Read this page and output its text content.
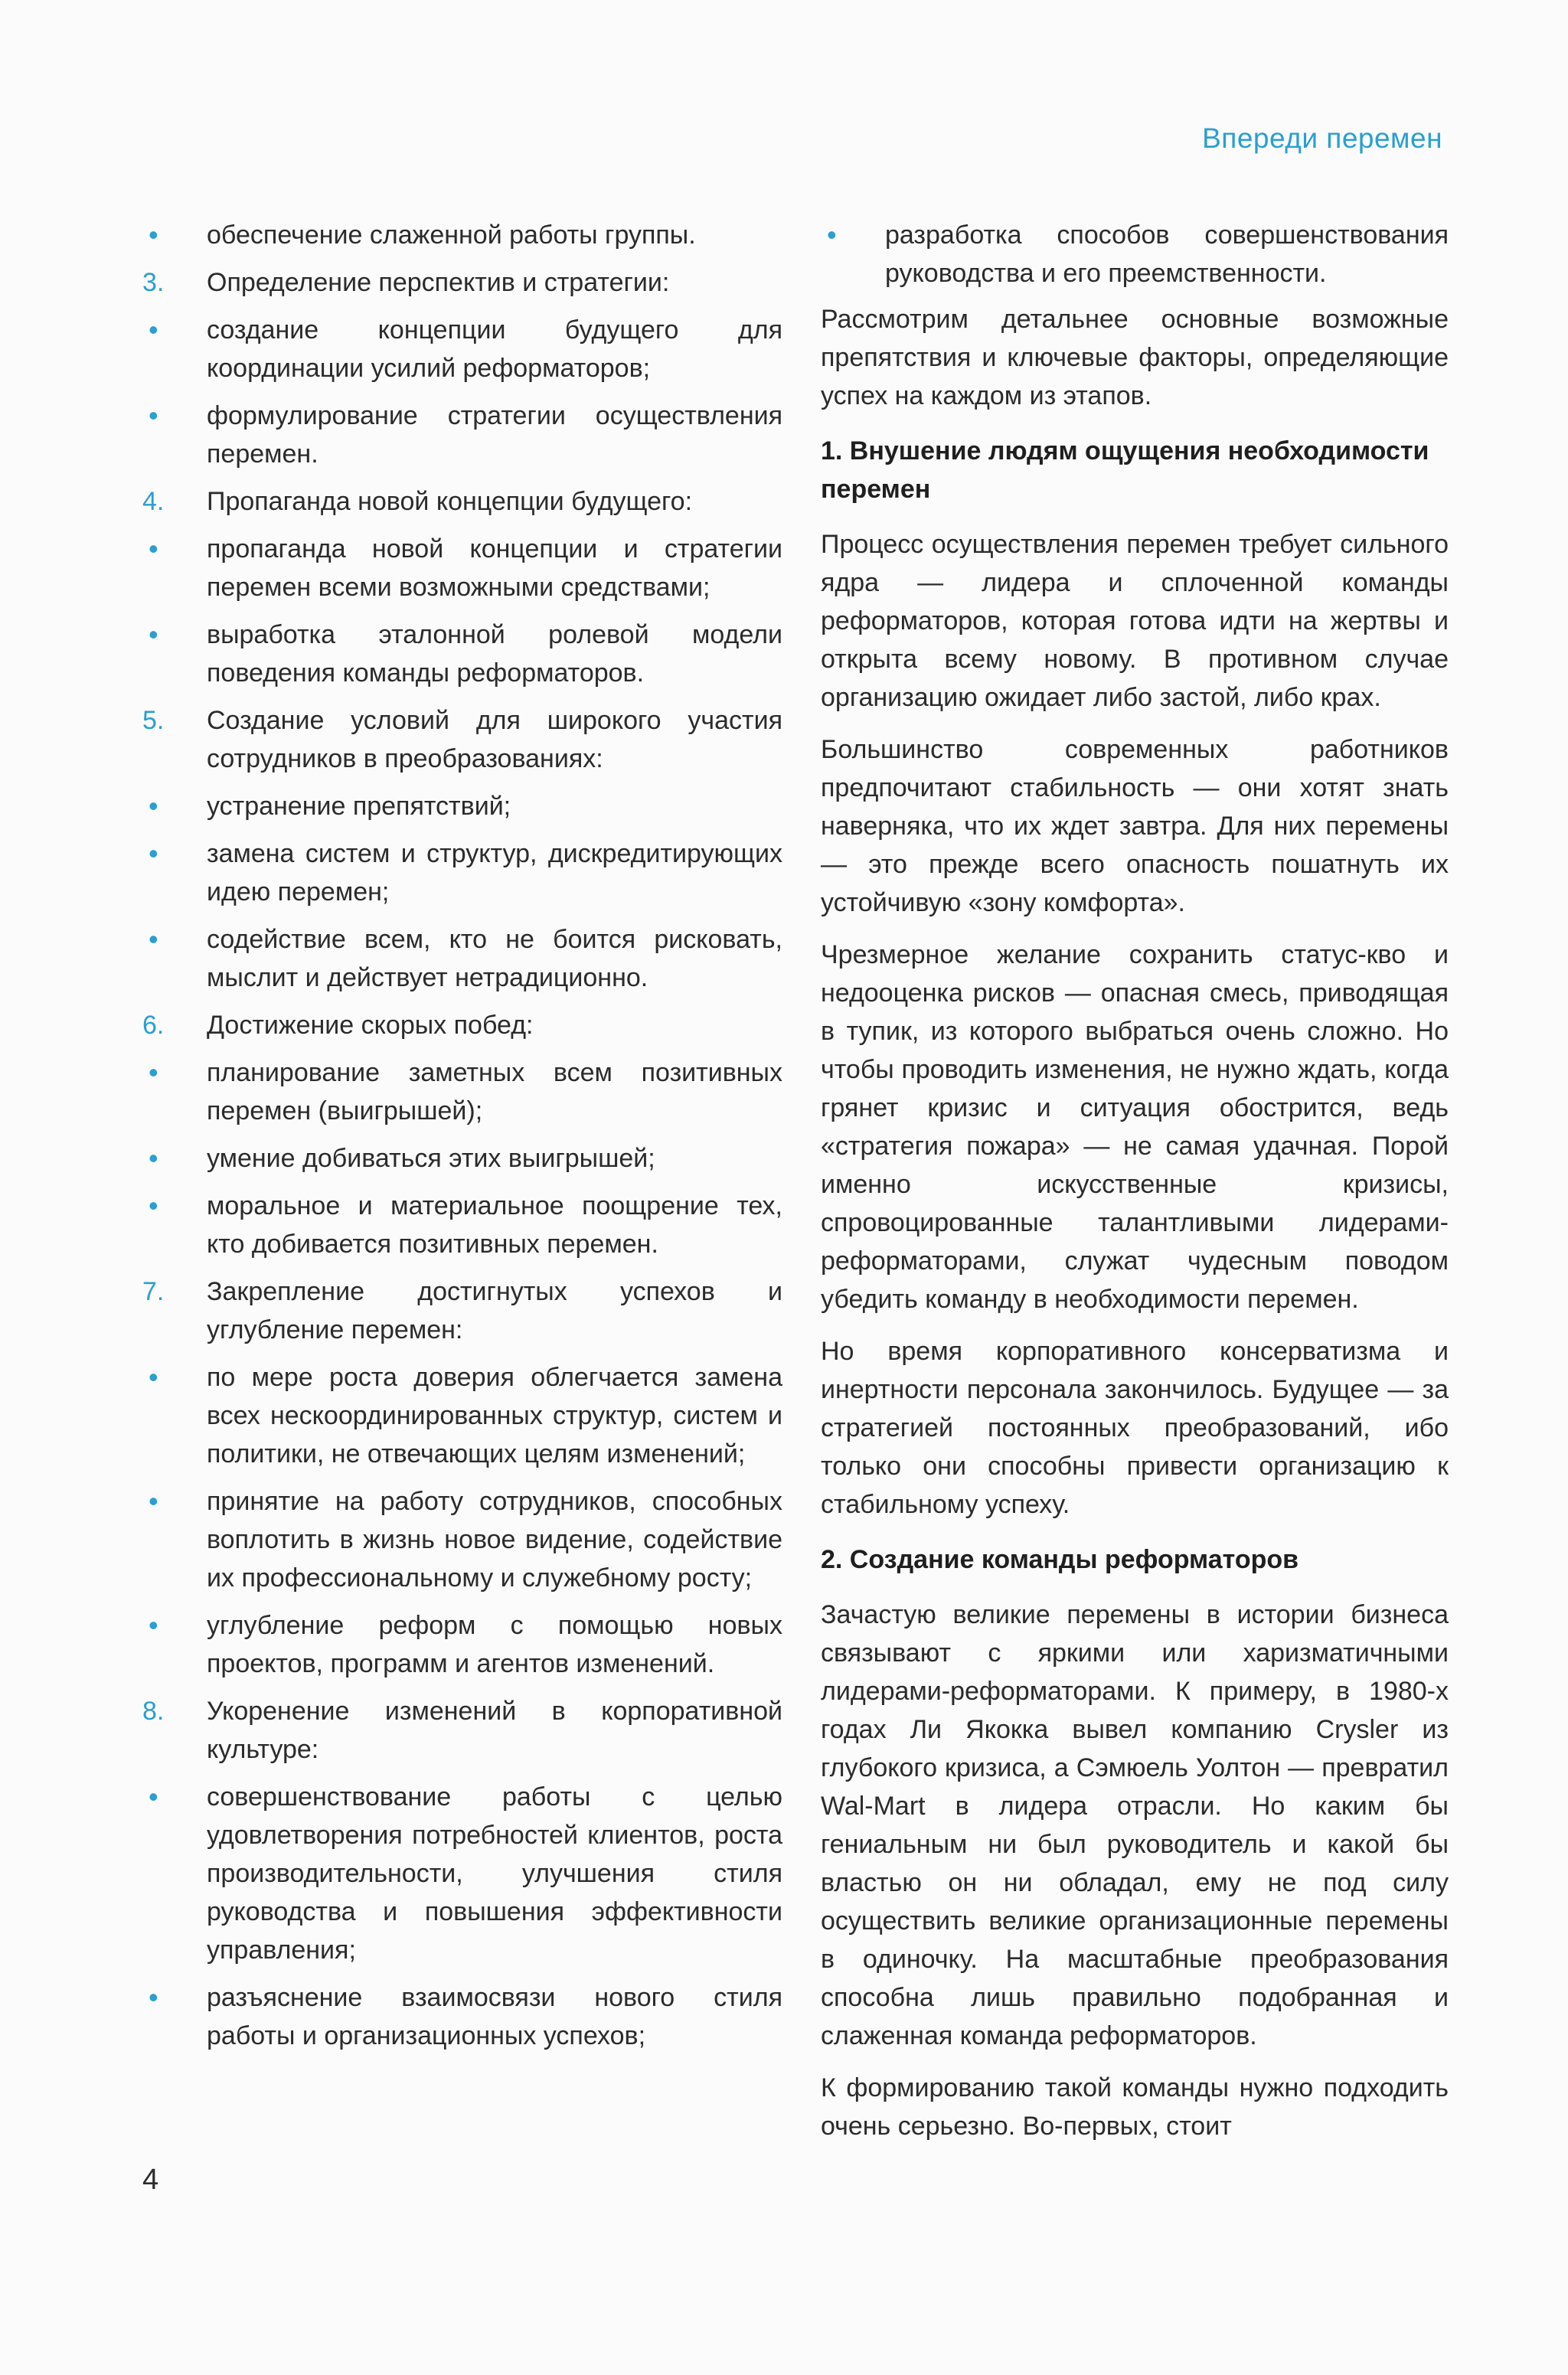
Впереди перемен
• обеспечение слаженной работы группы.
3. Определение перспектив и стратегии:
• создание концепции будущего для координации усилий реформаторов;
• формулирование стратегии осуществления перемен.
4. Пропаганда новой концепции будущего:
• пропаганда новой концепции и стратегии перемен всеми возможными средствами;
• выработка эталонной ролевой модели поведения команды реформаторов.
5. Создание условий для широкого участия сотрудников в преобразованиях:
• устранение препятствий;
• замена систем и структур, дискредитирующих идею перемен;
• содействие всем, кто не боится рисковать, мыслит и действует нетрадиционно.
6. Достижение скорых побед:
• планирование заметных всем позитивных перемен (выигрышей);
• умение добиваться этих выигрышей;
• моральное и материальное поощрение тех, кто добивается позитивных перемен.
7. Закрепление достигнутых успехов и углубление перемен:
• по мере роста доверия облегчается замена всех нескоординированных структур, систем и политики, не отвечающих целям изменений;
• принятие на работу сотрудников, способных воплотить в жизнь новое видение, содействие их профессиональному и служебному росту;
• углубление реформ с помощью новых проектов, программ и агентов изменений.
8. Укоренение изменений в корпоративной культуре:
• совершенствование работы с целью удовлетворения потребностей клиентов, роста производительности, улучшения стиля руководства и повышения эффективности управления;
• разъяснение взаимосвязи нового стиля работы и организационных успехов;
• разработка способов совершенствования руководства и его преемственности.

Рассмотрим детальнее основные возможные препятствия и ключевые факторы, определяющие успех на каждом из этапов.

1. Внушение людям ощущения необходимости перемен

Процесс осуществления перемен требует сильного ядра — лидера и сплоченной команды реформаторов, которая готова идти на жертвы и открыта всему новому. В противном случае организацию ожидает либо застой, либо крах.

Большинство современных работников предпочитают стабильность — они хотят знать наверняка, что их ждет завтра. Для них перемены — это прежде всего опасность пошатнуть их устойчивую «зону комфорта».

Чрезмерное желание сохранить статус-кво и недооценка рисков — опасная смесь, приводящая в тупик, из которого выбраться очень сложно. Но чтобы проводить изменения, не нужно ждать, когда грянет кризис и ситуация обострится, ведь «стратегия пожара» — не самая удачная. Порой именно искусственные кризисы, спровоцированные талантливыми лидерами-реформаторами, служат чудесным поводом убедить команду в необходимости перемен.

Но время корпоративного консерватизма и инертности персонала закончилось. Будущее — за стратегией постоянных преобразований, ибо только они способны привести организацию к стабильному успеху.

2. Создание команды реформаторов

Зачастую великие перемены в истории бизнеса связывают с яркими или харизматичными лидерами-реформаторами. К примеру, в 1980-х годах Ли Якокка вывел компанию Crysler из глубокого кризиса, а Сэмюель Уолтон — превратил Wal-Mart в лидера отрасли. Но каким бы гениальным ни был руководитель и какой бы властью он ни обладал, ему не под силу осуществить великие организационные перемены в одиночку. На масштабные преобразования способна лишь правильно подобранная и слаженная команда реформаторов.

К формированию такой команды нужно подходить очень серьезно. Во-первых, стоит

4
